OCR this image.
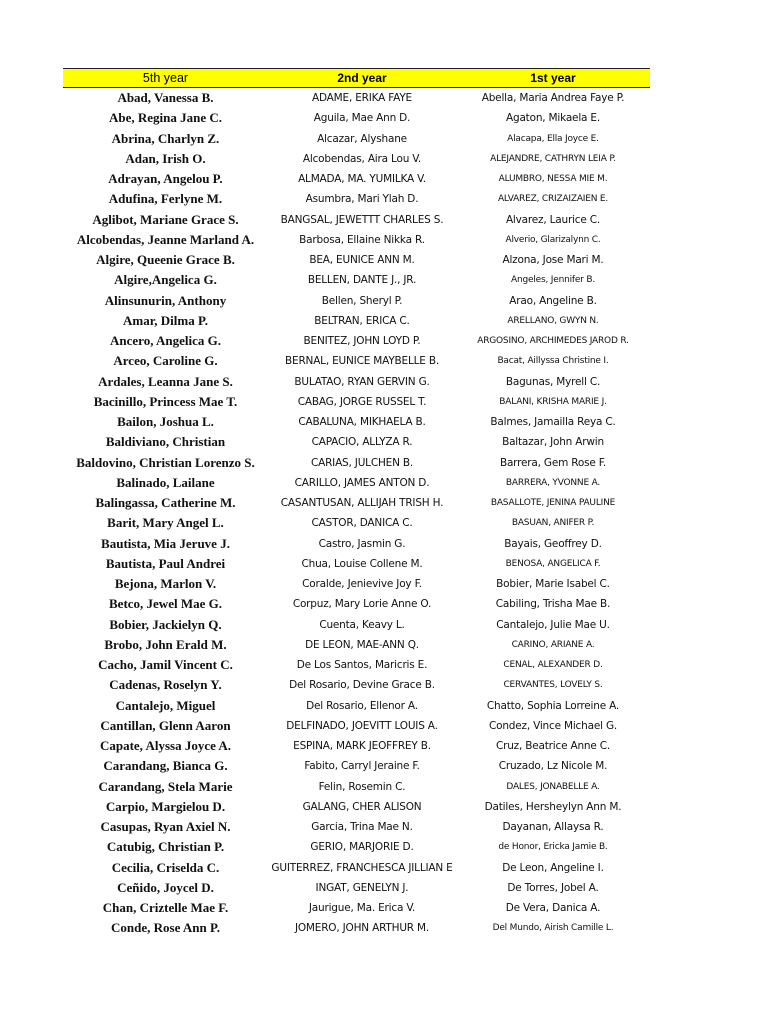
5th year	2nd year	1st year
Abad, Vanessa B.	ADAME, ERIKA FAYE	Abella, Maria Andrea Faye P.
Abe, Regina Jane C.	Aguila, Mae Ann D.	Agaton, Mikaela E.
Abrina, Charlyn Z.	Alcazar, Alyshane	Alacapa, Ella Joyce E.
Adan, Irish O.	Alcobendas, Aira Lou V.	ALEJANDRE, CATHRYN LEIA P.
Adrayan, Angelou P.	ALMADA, MA. YUMILKA V.	ALUMBRO, NESSA MIE M.
Adufina, Ferlyne M.	Asumbra, Mari Ylah D.	ALVAREZ, CRIZAIZAIEN E.
Aglibot, Mariane Grace S.	BANGSAL, JEWETTT CHARLES S.	Alvarez, Laurice C.
Alcobendas, Jeanne Marland A.	Barbosa, Ellaine Nikka R.	Alverio, Glarizalynn C.
Algire, Queenie Grace B.	BEA, EUNICE ANN M.	Alzona, Jose Mari M.
Algire,Angelica G.	BELLEN, DANTE J., JR.	Angeles, Jennifer B.
Alinsunurin, Anthony	Bellen, Sheryl P.	Arao, Angeline B.
Amar, Dilma P.	BELTRAN, ERICA C.	ARELLANO, GWYN N.
Ancero, Angelica G.	BENITEZ, JOHN LOYD P.	ARGOSINO, ARCHIMEDES JAROD R.
Arceo, Caroline G.	BERNAL, EUNICE MAYBELLE B.	Bacat, Aillyssa Christine I.
Ardales, Leanna Jane S.	BULATAO, RYAN GERVIN G.	Bagunas, Myrell C.
Bacinillo, Princess Mae T.	CABAG, JORGE RUSSEL T.	BALANI, KRISHA MARIE J.
Bailon, Joshua L.	CABALUNA, MIKHAELA B.	Balmes, Jamailla Reya C.
Baldiviano, Christian	CAPACIO, ALLYZA R.	Baltazar, John Arwin
Baldovino, Christian Lorenzo S.	CARIAS, JULCHEN B.	Barrera, Gem Rose F.
Balinado, Lailane	CARILLO, JAMES ANTON D.	BARRERA, YVONNE A.
Balingassa, Catherine M.	CASANTUSAN, ALLIJAH TRISH H.	BASALLOTE, JENINA PAULINE
Barit, Mary Angel L.	CASTOR, DANICA C.	BASUAN, ANIFER P.
Bautista, Mia Jeruve J.	Castro, Jasmin G.	Bayais, Geoffrey D.
Bautista, Paul Andrei	Chua, Louise Collene M.	BENOSA, ANGELICA F.
Bejona, Marlon V.	Coralde, Jenievive Joy F.	Bobier, Marie Isabel C.
Betco, Jewel Mae G.	Corpuz, Mary Lorie Anne O.	Cabiling, Trisha Mae B.
Bobier, Jackielyn Q.	Cuenta, Keavy L.	Cantalejo, Julie Mae U.
Brobo, John Erald M.	DE LEON, MAE-ANN Q.	CARIÑO, ARIANE A.
Cacho, Jamil Vincent C.	De Los Santos, Maricris E.	CEÑAL, ALEXANDER D.
Cadenas, Roselyn Y.	Del Rosario, Devine Grace B.	CERVANTES, LOVELY S.
Cantalejo, Miguel	Del Rosario, Ellenor A.	Chatto, Sophia Lorreine A.
Cantillan, Glenn Aaron	DELFINADO, JOEVITT LOUIS A.	Condez, Vince Michael G.
Capate, Alyssa Joyce A.	ESPINA, MARK JEOFFREY B.	Cruz, Beatrice Anne C.
Carandang, Bianca G.	Fabito, Carryl Jeraine F.	Cruzado, Lz Nicole M.
Carandang, Stela Marie	Felin, Rosemin C.	DALES, JONABELLE A.
Carpio, Margielou D.	GALANG, CHER ALISON	Datiles, Hersheylyn Ann M.
Casupas, Ryan Axiel N.	Garcia, Trina Mae N.	Dayanan, Allaysa R.
Catubig, Christian P.	GERIO, MARJORIE D.	de Honor, Ericka Jamie B.
Cecilia, Criselda C.	GUITERREZ, FRANCHESCA JILLIAN E	De Leon, Angeline I.
Ceñido, Joycel D.	INGAT, GENELYN J.	De Torres, Jobel A.
Chan, Criztelle Mae F.	Jaurigue, Ma. Erica V.	De Vera, Danica A.
Conde, Rose Ann P.	JOMERO, JOHN ARTHUR M.	Del Mundo, Airish Camille L.
